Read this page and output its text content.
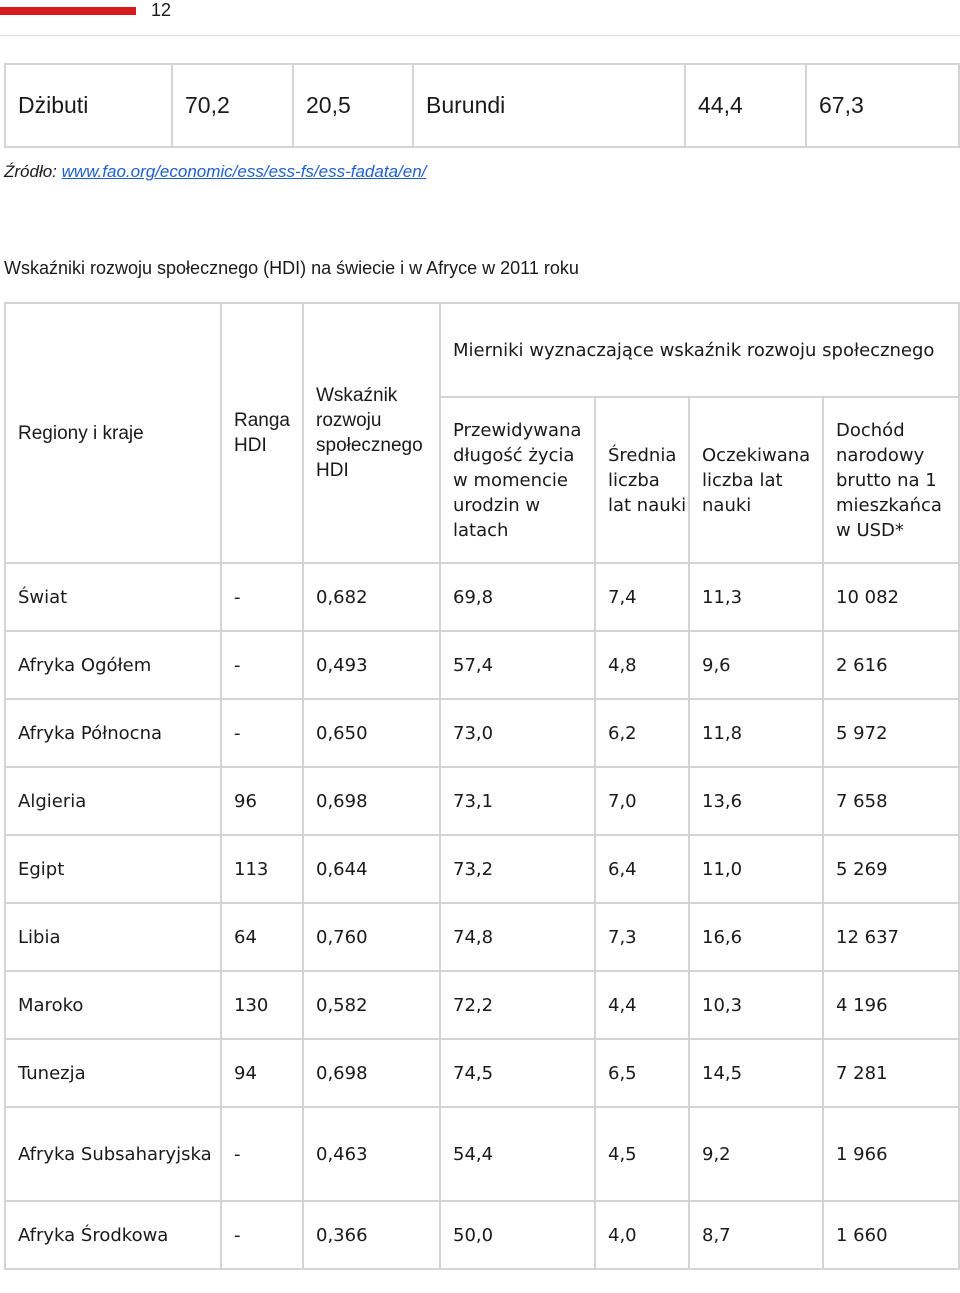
12
Dżibuti	70,2	20,5	Burundi	44,4	67,3
Źródło: www.fao.org/economic/ess/ess-fs/ess-fadata/en/
Wskaźniki rozwoju społecznego (HDI) na świecie i w Afryce w 2011 roku
Regiony i kraje	Ranga HDI	Wskaźnik rozwoju społecznego HDI	Mierniki wyznaczające wskaźnik rozwoju społecznego			
			Przewidywana długość życia w momencie urodzin w latach	Średnia liczba lat nauki	Oczekiwana liczba lat nauki	Dochód narodowy brutto na 1 mieszkańca w USD*
Świat	-	0,682	69,8	7,4	11,3	10 082
Afryka Ogółem	-	0,493	57,4	4,8	9,6	2 616
Afryka Północna	-	0,650	73,0	6,2	11,8	5 972
Algieria	96	0,698	73,1	7,0	13,6	7 658
Egipt	113	0,644	73,2	6,4	11,0	5 269
Libia	64	0,760	74,8	7,3	16,6	12 637
Maroko	130	0,582	72,2	4,4	10,3	4 196
Tunezja	94	0,698	74,5	6,5	14,5	7 281
Afryka Subsaharyjska	-	0,463	54,4	4,5	9,2	1 966
Afryka Środkowa	-	0,366	50,0	4,0	8,7	1 660
